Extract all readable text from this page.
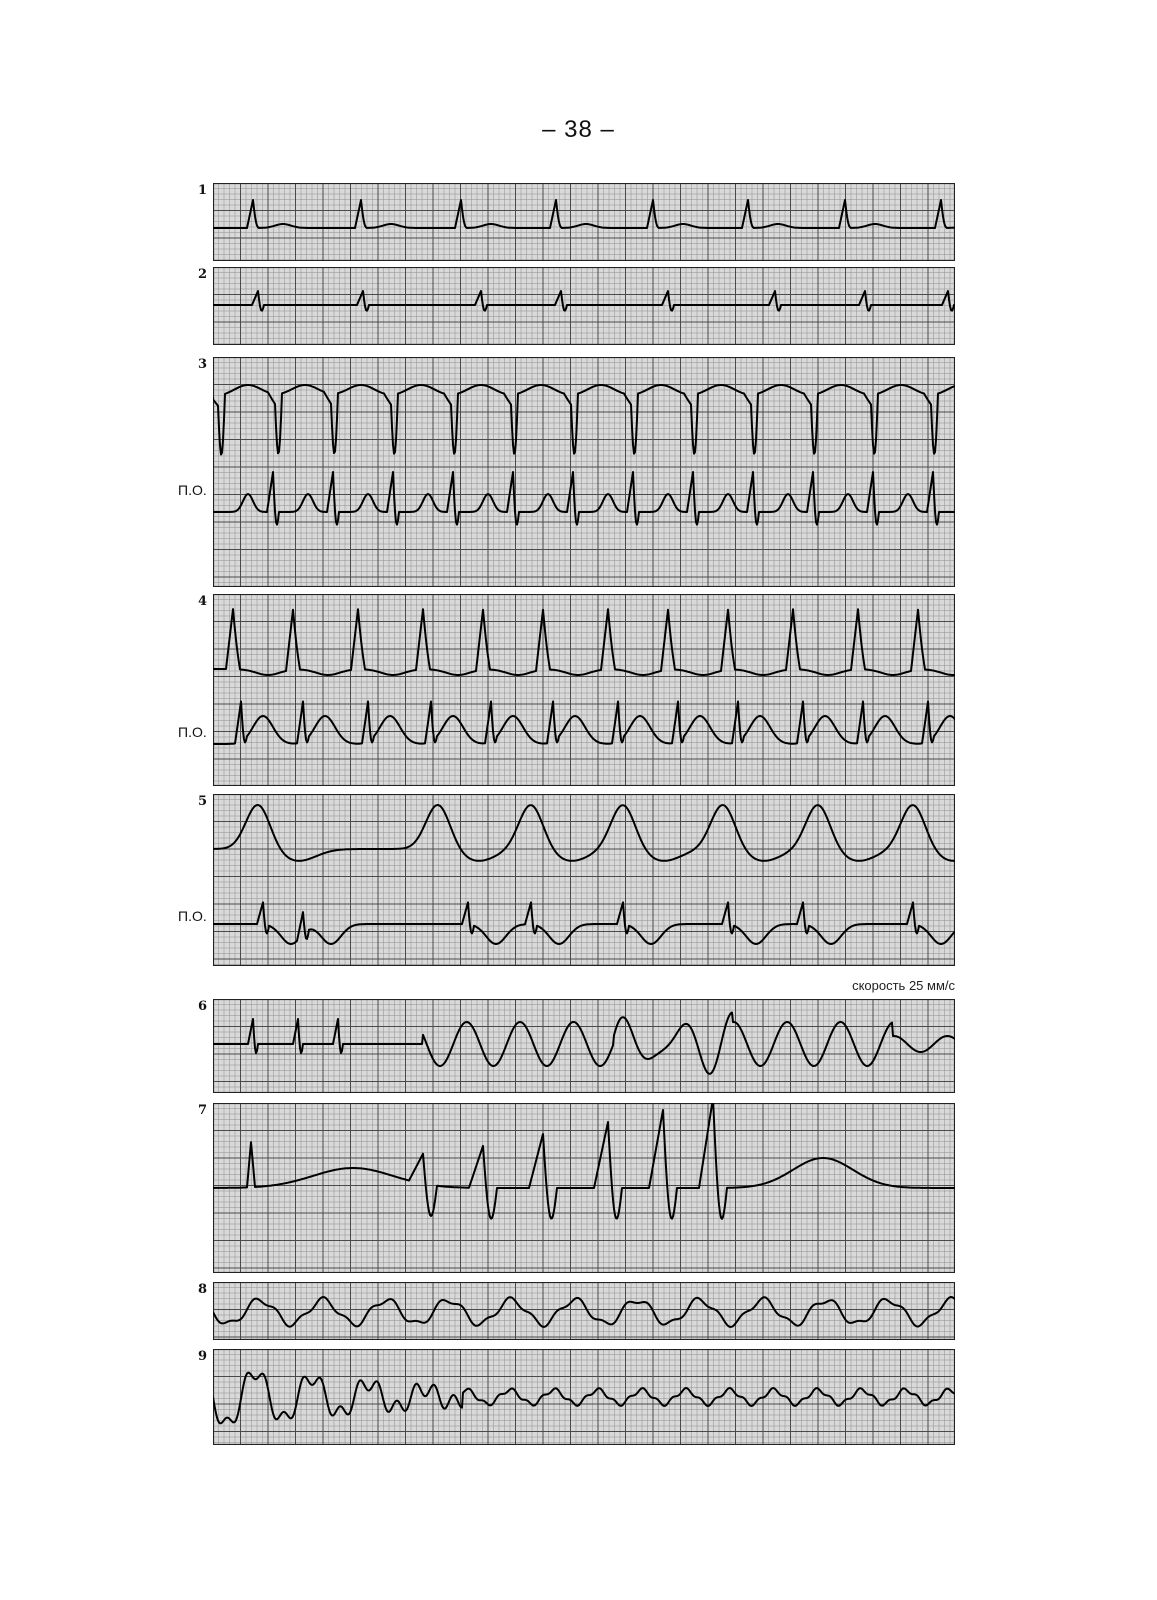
– 38 –
1
2
3
4
5
6
7
8
9
П.О.
П.О.
П.О.
скорость 25 мм/с
